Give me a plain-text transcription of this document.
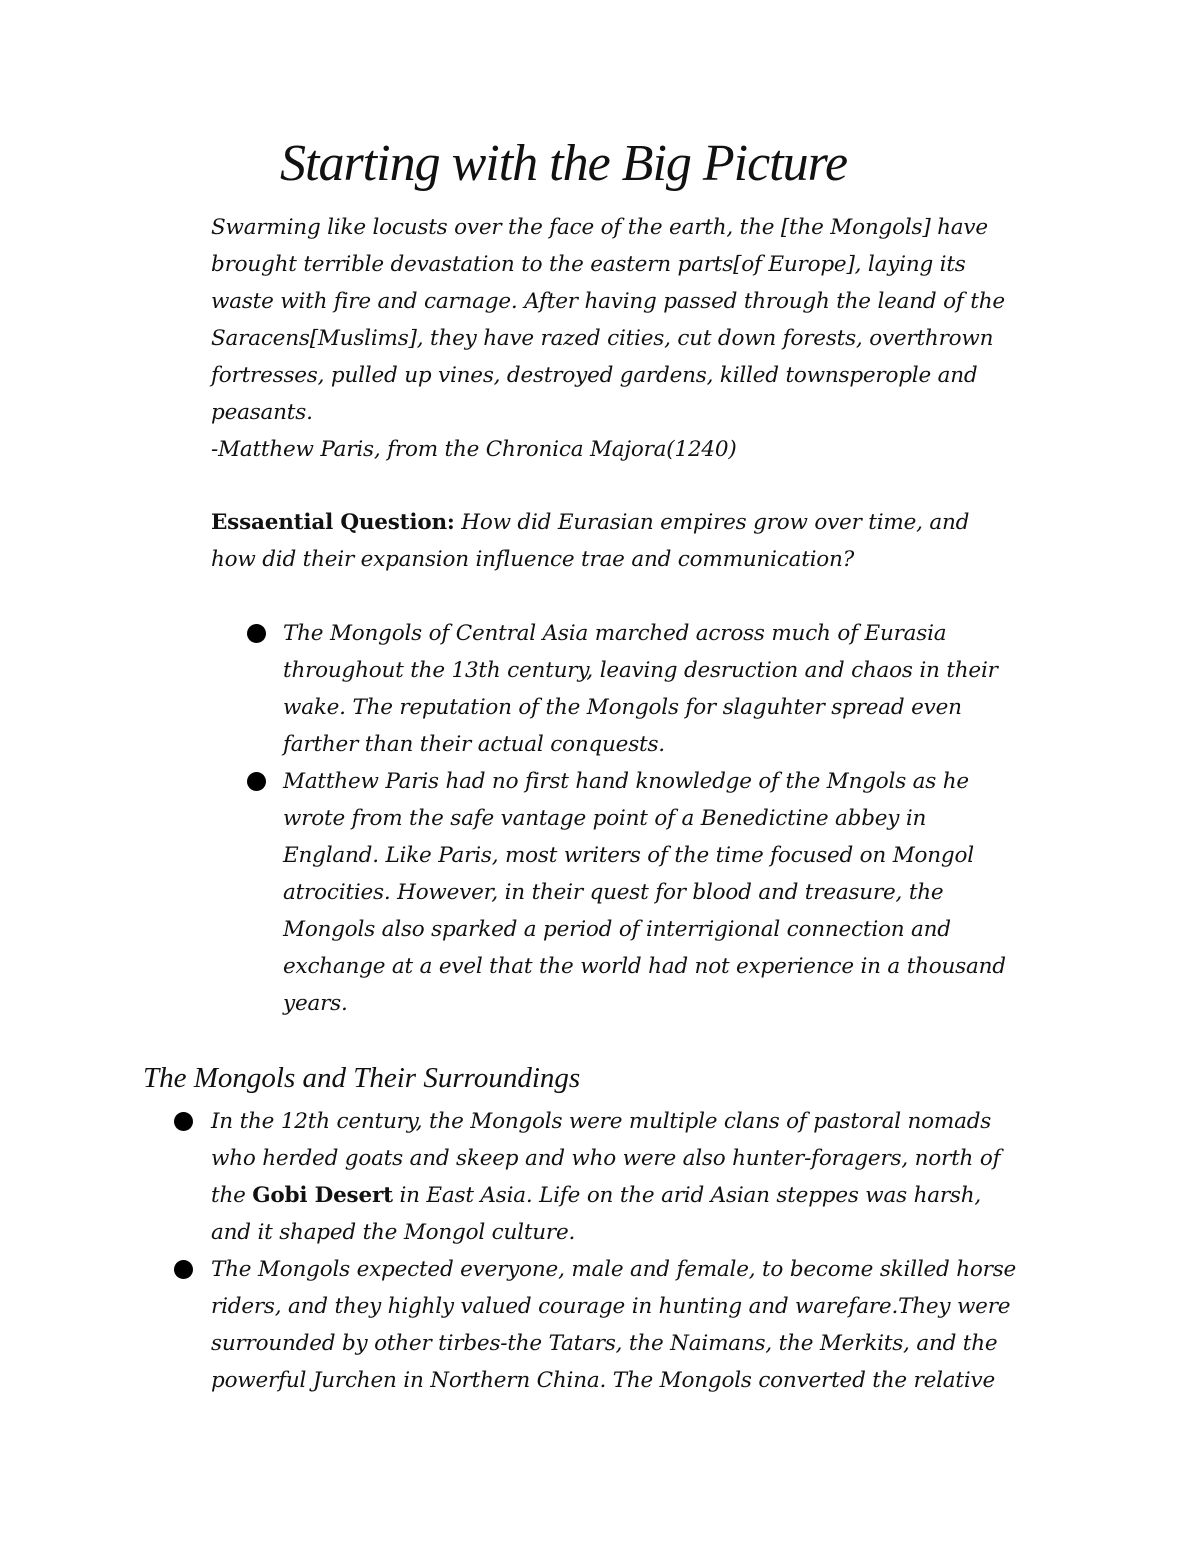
Starting with the Big Picture
Swarming like locusts over the face of the earth, the [the Mongols] have
brought terrible devastation to the eastern parts[of Europe], laying its
waste with fire and carnage. After having passed through the leand of the
Saracens[Muslims], they have razed cities, cut down forests, overthrown
fortresses, pulled up vines, destroyed gardens, killed townsperople and
peasants.
-Matthew Paris, from the Chronica Majora(1240)
Essaential Question: How did Eurasian empires grow over time, and
how did their expansion influence trae and communication?
The Mongols of Central Asia marched across much of Eurasia
throughout the 13th century, leaving desruction and chaos in their
wake. The reputation of the Mongols for slaguhter spread even
farther than their actual conquests.
Matthew Paris had no first hand knowledge of the Mngols as he
wrote from the safe vantage point of a Benedictine abbey in
England. Like Paris, most writers of the time focused on Mongol
atrocities. However, in their quest for blood and treasure, the
Mongols also sparked a period of interrigional connection and
exchange at a evel that the world had not experience in a thousand
years.
The Mongols and Their Surroundings
In the 12th century, the Mongols were multiple clans of pastoral nomads
who herded goats and skeep and who were also hunter-foragers, north of
the Gobi Desert in East Asia. Life on the arid Asian steppes was harsh,
and it shaped the Mongol culture.
The Mongols expected everyone, male and female, to become skilled horse
riders, and they highly valued courage in hunting and warefare.They were
surrounded by other tirbes-the Tatars, the Naimans, the Merkits, and the
powerful Jurchen in Northern China. The Mongols converted the relative
